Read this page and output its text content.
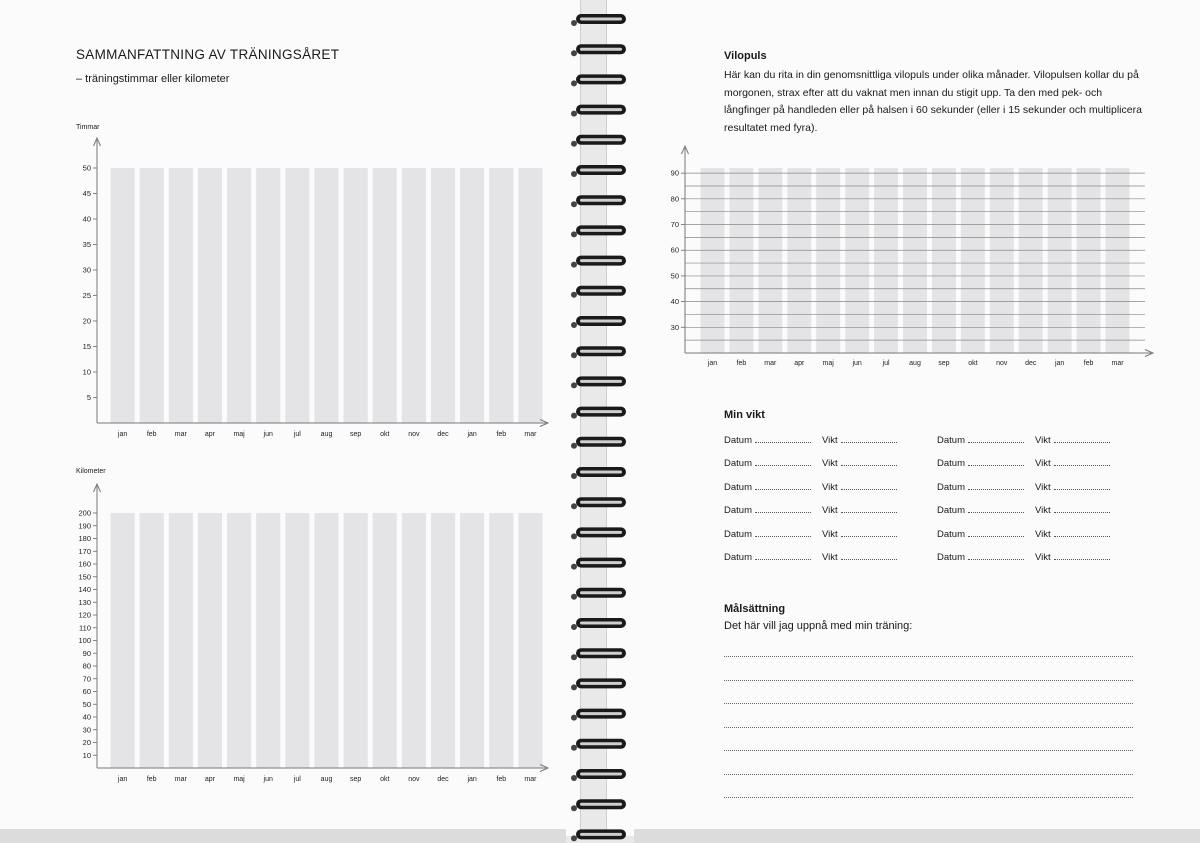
SAMMANFATTNING AV TRÄNINGSÅRET
– träningstimmar eller kilometer
Timmar
jan	feb	mar	apr	maj	jun	jul	aug	sep	okt	nov	dec	jan	feb	mar
5
10
15
20
25
30
35
40
45
50
Kilometer
jan	feb	mar	apr	maj	jun	jul	aug	sep	okt	nov	dec	jan	feb	mar
10
20
30
40
50
60
70
80
90
100
110
120
130
140
150
160
170
180
190
200
Vilopuls
Här kan du rita in din genomsnittliga vilopuls under olika månader. Vilopulsen kollar du på morgonen, strax efter att du vaknat men innan du stigit upp. Ta den med pek- och långfinger på handleden eller på halsen i 60 sekunder (eller i 15 sekunder och multiplicera resultatet med fyra).
jan	feb	mar	apr	maj	jun	jul	aug sep	okt	nov	dec	jan	feb	mar
30
40
50
60
70
80
90
Min vikt
Datum	Vikt	Datum	Vikt
Datum	Vikt	Datum	Vikt
Datum	Vikt	Datum	Vikt
Datum	Vikt	Datum	Vikt
Datum	Vikt	Datum	Vikt
Datum	Vikt	Datum	Vikt
Målsättning
Det här vill jag uppnå med min träning:
